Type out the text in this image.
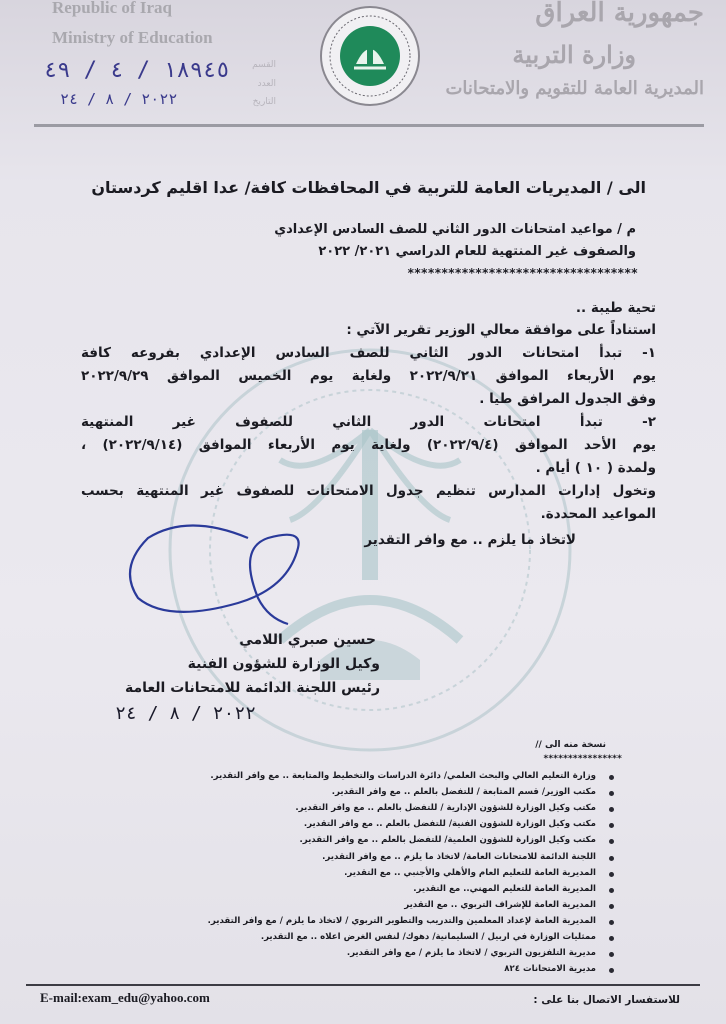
Republic of Iraq
Ministry of Education
القسم
العدد
التاريخ
١٨٩٤٥ / ٤ / ٤٩
٢٠٢٢ / ٨ / ٢٤
جمهورية العراق
وزارة التربية
المديرية العامة للتقويم والامتحانات
الى / المديريات العامة للتربية في المحافظات كافة/ عدا اقليم كردستان
م / مواعيد امتحانات الدور الثاني للصف السادس الإعدادي
والصفوف غير المنتهية للعام الدراسي ٢٠٢١/ ٢٠٢٢
**********************************
تحية طيبة ..
استناداً على موافقة معالي الوزير تقرير الآتي :
١- تبدأ امتحانات الدور الثاني للصف السادس الإعدادي بفروعه كافة
يوم الأربعاء الموافق ٢٠٢٢/٩/٢١ ولغاية يوم الخميس الموافق ٢٠٢٢/٩/٢٩
وفق الجدول المرافق طيا .
٢- تبدأ امتحانات الدور الثاني للصفوف غير المنتهية
يوم الأحد الموافق (٢٠٢٢/٩/٤) ولغاية يوم الأربعاء الموافق (٢٠٢٢/٩/١٤) ،
ولمدة ( ١٠ ) أيام .
وتخول إدارات المدارس تنظيم جدول الامتحانات للصفوف غير المنتهية بحسب
المواعيد المحددة.
لاتخاذ ما يلزم .. مع وافر التقدير
حسين صبري اللامي
وكيل الوزارة للشؤون الفنية
رئيس اللجنة الدائمة للامتحانات العامة
٢٠٢٢ / ٨ / ٢٤
نسخة منه الى //
****************
وزارة التعليم العالي والبحث العلمي/ دائرة الدراسات والتخطيط والمتابعة .. مع وافر التقدير.
مكتب الوزير/ قسم المتابعة / للتفضل بالعلم .. مع وافر التقدير.
مكتب وكيل الوزارة للشؤون الإدارية / للتفضل بالعلم .. مع وافر التقدير.
مكتب وكيل الوزارة للشؤون الفنية/ للتفضل بالعلم .. مع وافر التقدير.
مكتب وكيل الوزارة للشؤون العلمية/ للتفضل بالعلم .. مع وافر التقدير.
اللجنة الدائمة للامتحانات العامة/ لاتخاذ ما يلزم .. مع وافر التقدير.
المديرية العامة للتعليم العام والأهلي والأجنبي .. مع التقدير.
المديرية العامة للتعليم المهني.. مع التقدير.
المديرية العامة للإشراف التربوي .. مع التقدير
المديرية العامة لإعداد المعلمين والتدريب والتطوير التربوي / لاتخاذ ما يلزم / مع وافر التقدير.
ممثليات الوزارة في اربيل / السليمانية/ دهوك/ لنفس الغرض اعلاه .. مع التقدير.
مديرية التلفزيون التربوي / لاتخاذ ما يلزم / مع وافر التقدير.
مديرية الامتحانات ٨٢٤
E-mail:exam_edu@yahoo.com	للاستفسار الاتصال بنا على :
